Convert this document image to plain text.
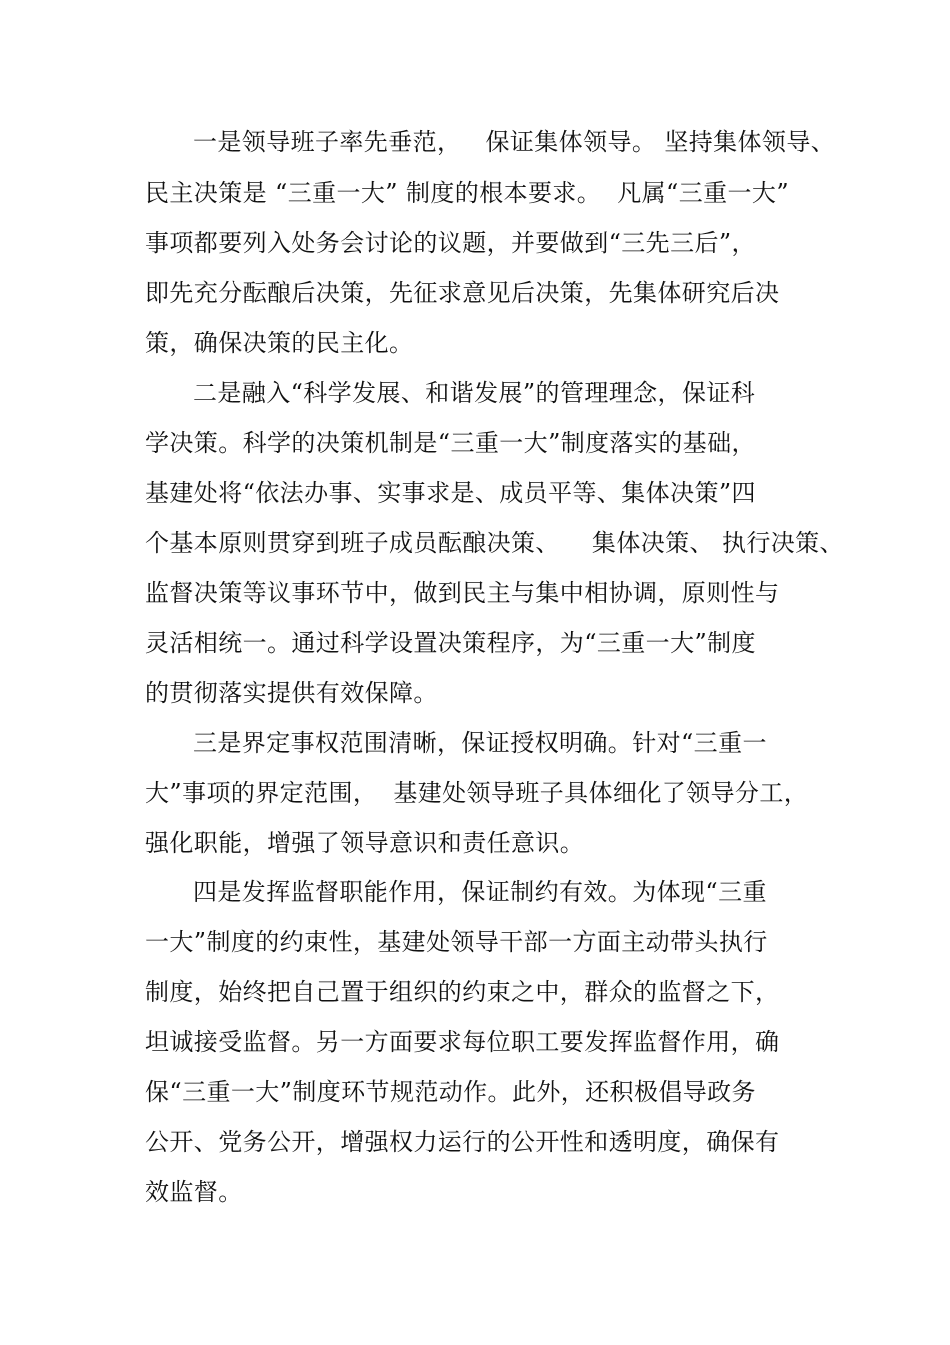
一是领导班子率先垂范，   保证集体领导。 坚持集体领导、
民主决策是 “三重一大” 制度的根本要求。  凡属“三重一大”
事项都要列入处务会讨论的议题，并要做到“三先三后”，
即先充分酝酿后决策，先征求意见后决策，先集体研究后决
策，确保决策的民主化。
二是融入“科学发展、和谐发展”的管理理念，保证科
学决策。科学的决策机制是“三重一大”制度落实的基础，
基建处将“依法办事、实事求是、成员平等、集体决策”四
个基本原则贯穿到班子成员酝酿决策、    集体决策、 执行决策、
监督决策等议事环节中，做到民主与集中相协调，原则性与
灵活相统一。通过科学设置决策程序，为“三重一大”制度
的贯彻落实提供有效保障。
三是界定事权范围清晰，保证授权明确。针对“三重一
大”事项的界定范围，  基建处领导班子具体细化了领导分工，
强化职能，增强了领导意识和责任意识。
四是发挥监督职能作用，保证制约有效。为体现“三重
一大”制度的约束性，基建处领导干部一方面主动带头执行
制度，始终把自己置于组织的约束之中，群众的监督之下，
坦诚接受监督。另一方面要求每位职工要发挥监督作用，确
保“三重一大”制度环节规范动作。此外，还积极倡导政务
公开、党务公开，增强权力运行的公开性和透明度，确保有
效监督。
